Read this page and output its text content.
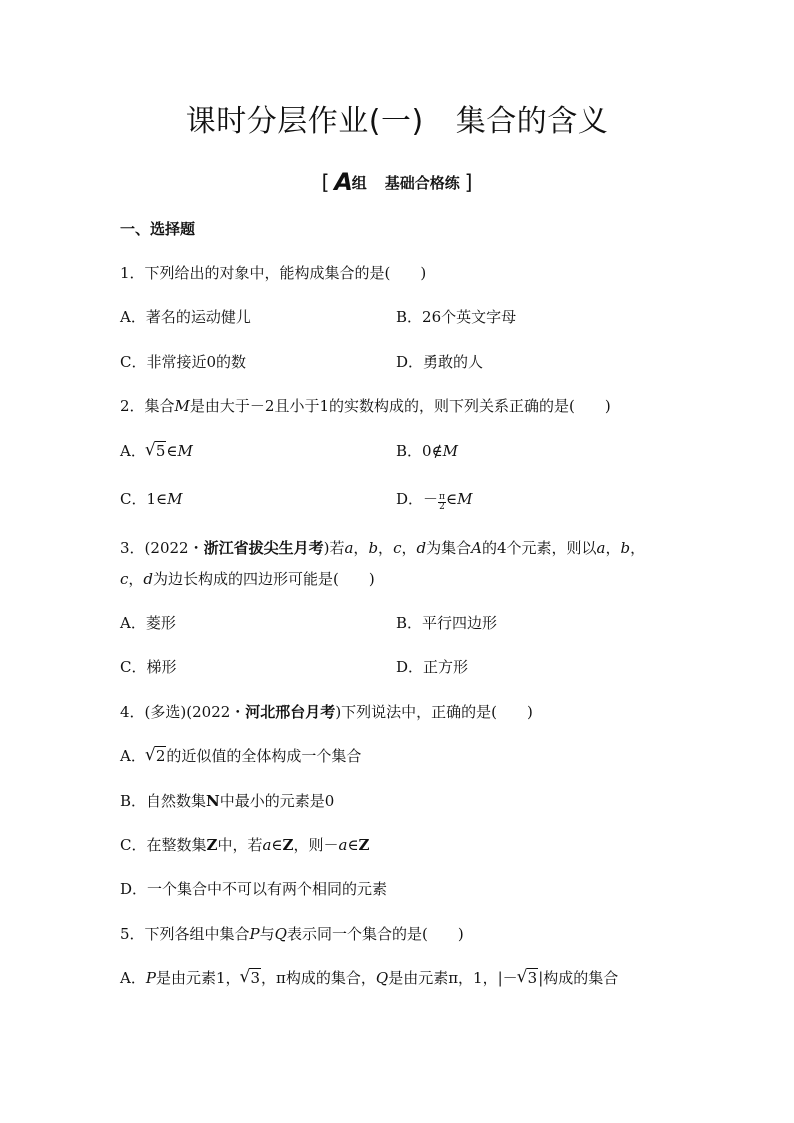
课时分层作业(一) 集合的含义
[ A组 基础合格练 ]
一、选择题
1．下列给出的对象中，能构成集合的是(　　)
A．著名的运动健儿	B．26个英文字母
C．非常接近0的数	D．勇敢的人
2．集合M是由大于－2且小于1的实数构成的，则下列关系正确的是(　　)
A． √ 5∈M	B．0∉M
C．1∈M	D．－ $\frac{\pi}{2}$ ∈M
3．(2022・浙江省拔尖生月考)若a，b，c，d为集合A的4个元素，则以a，b，
c，d为边长构成的四边形可能是(　　)
A．菱形	B．平行四边形
C．梯形	D．正方形
4．(多选)(2022・河北邢台月考)下列说法中，正确的是(　　)
A． √ 2的近似值的全体构成一个集合
B．自然数集N中最小的元素是0
C．在整数集Z中，若a∈Z，则－a∈Z
D．一个集合中不可以有两个相同的元素
5．下列各组中集合P与Q表示同一个集合的是(　　)
A．P是由元素1， √ 3，π构成的集合，Q是由元素π，1，|－ √ 3|构成的集合
